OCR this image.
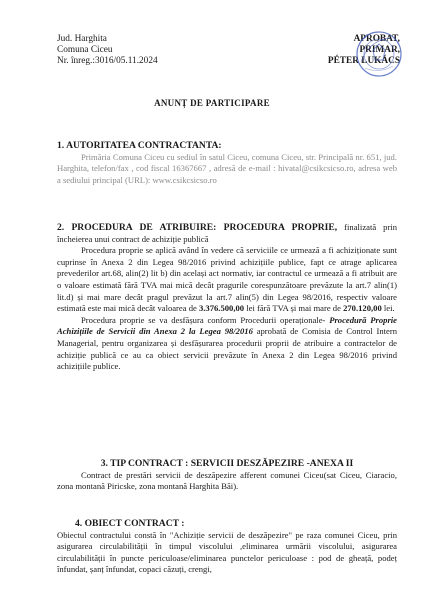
Jud. Harghita
Comuna Ciceu
Nr. înreg.:3016/05.11.2024
APROBAT,
PRIMAR,
PÉTER LUKÁCS
ANUNȚ DE PARTICIPARE

1. AUTORITATEA CONTRACTANTA:

Primăria Comuna Ciceu cu sediul în satul Ciceu, comuna Ciceu, str. Principală nr. 651, jud. Harghita, telefon/fax , cod fiscal 16367667 , adresă de e-mail : hivatal@csikcsicso.ro, adresa web a sediului principal (URL): www.csikcsicso.ro

2. PROCEDURA DE ATRIBUIRE: PROCEDURA PROPRIE, finalizată prin încheierea unui contract de achiziție publică

Procedura proprie se aplică având în vedere că serviciile ce urmează a fi achiziționate sunt cuprinse în Anexa 2 din Legea 98/2016 privind achizițiile publice, fapt ce atrage aplicarea prevederilor art.68, alin(2) lit b) din același act normativ, iar contractul ce urmează a fi atribuit are o valoare estimată fără TVA mai mică decât pragurile corespunzătoare prevăzute la art.7 alin(1) lit.d) și mai mare decât pragul prevăzut la art.7 alin(5) din Legea 98/2016, respectiv valoare estimată este mai mică decât valoarea de 3.376.500,00 lei fără TVA și mai mare de 270.120,00 lei.

Procedura proprie se va desfășura conform Procedurii operaționale- Procedură Proprie Achizițiile de Servicii din Anexa 2 la Legea 98/2016 aprobată de Comisia de Control Intern Managerial, pentru organizarea și desfășurarea procedurii proprii de atribuire a contractelor de achiziție publică ce au ca obiect servicii prevăzute în Anexa 2 din Legea 98/2016 privind achizițiile publice.

3. TIP CONTRACT : SERVICII DESZĂPEZIRE -ANEXA II

Contract de prestări servicii de deszăpezire afferent comunei Ciceu(sat Ciceu, Ciaracio, zona montană Piricske, zona montană Harghita Băi).

4. OBIECT CONTRACT :

Obiectul contractului constă în "Achiziție servicii de deszăpezire" pe raza comunei Ciceu, prin asigurarea circulabilității în timpul viscolului ,eliminarea urmării viscolului, asigurarea circulabilității în puncte periculoase/eliminarea punctelor periculoase : pod de gheață, podeț înfundat, șanț înfundat, copaci căzuți, crengi,
